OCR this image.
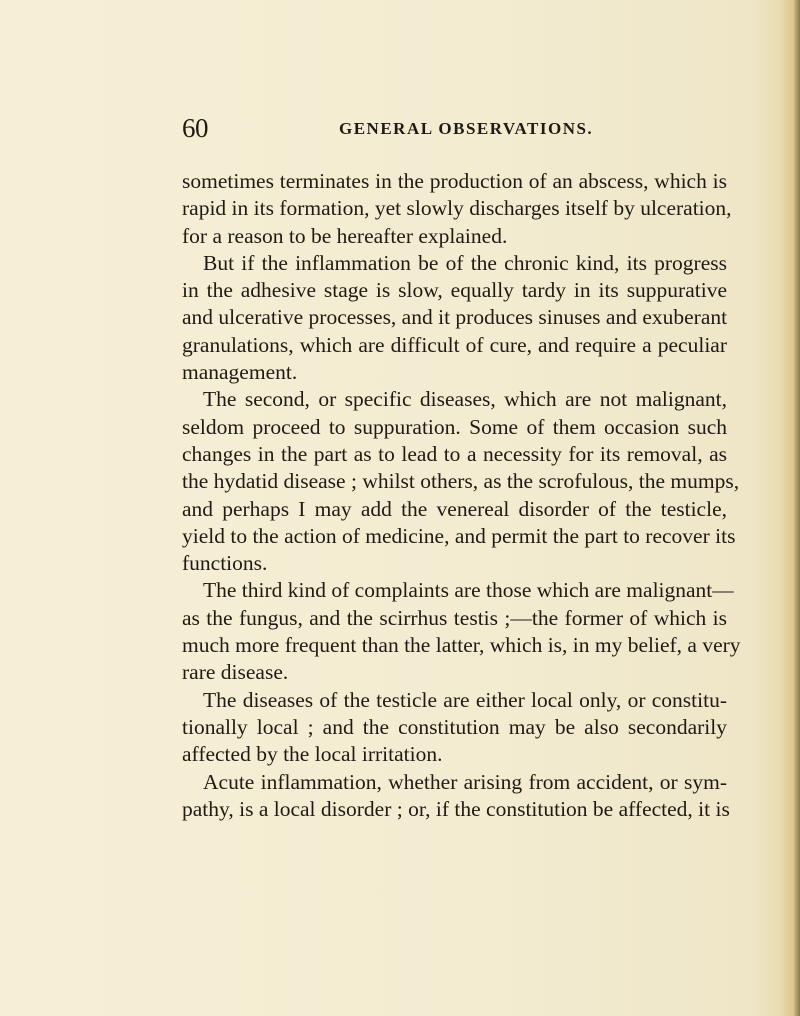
60	GENERAL OBSERVATIONS.
sometimes terminates in the production of an abscess, which is
rapid in its formation, yet slowly discharges itself by ulceration,
for a reason to be hereafter explained.
But if the inflammation be of the chronic kind, its progress
in the adhesive stage is slow, equally tardy in its suppurative
and ulcerative processes, and it produces sinuses and exuberant
granulations, which are difficult of cure, and require a peculiar
management.
The second, or specific diseases, which are not malignant,
seldom proceed to suppuration. Some of them occasion such
changes in the part as to lead to a necessity for its removal, as
the hydatid disease ; whilst others, as the scrofulous, the mumps,
and perhaps I may add the venereal disorder of the testicle,
yield to the action of medicine, and permit the part to recover its
functions.
The third kind of complaints are those which are malignant—
as the fungus, and the scirrhus testis ;—the former of which is
much more frequent than the latter, which is, in my belief, a very
rare disease.
The diseases of the testicle are either local only, or constitu-
tionally local ; and the constitution may be also secondarily
affected by the local irritation.
Acute inflammation, whether arising from accident, or sym-
pathy, is a local disorder ; or, if the constitution be affected, it is
